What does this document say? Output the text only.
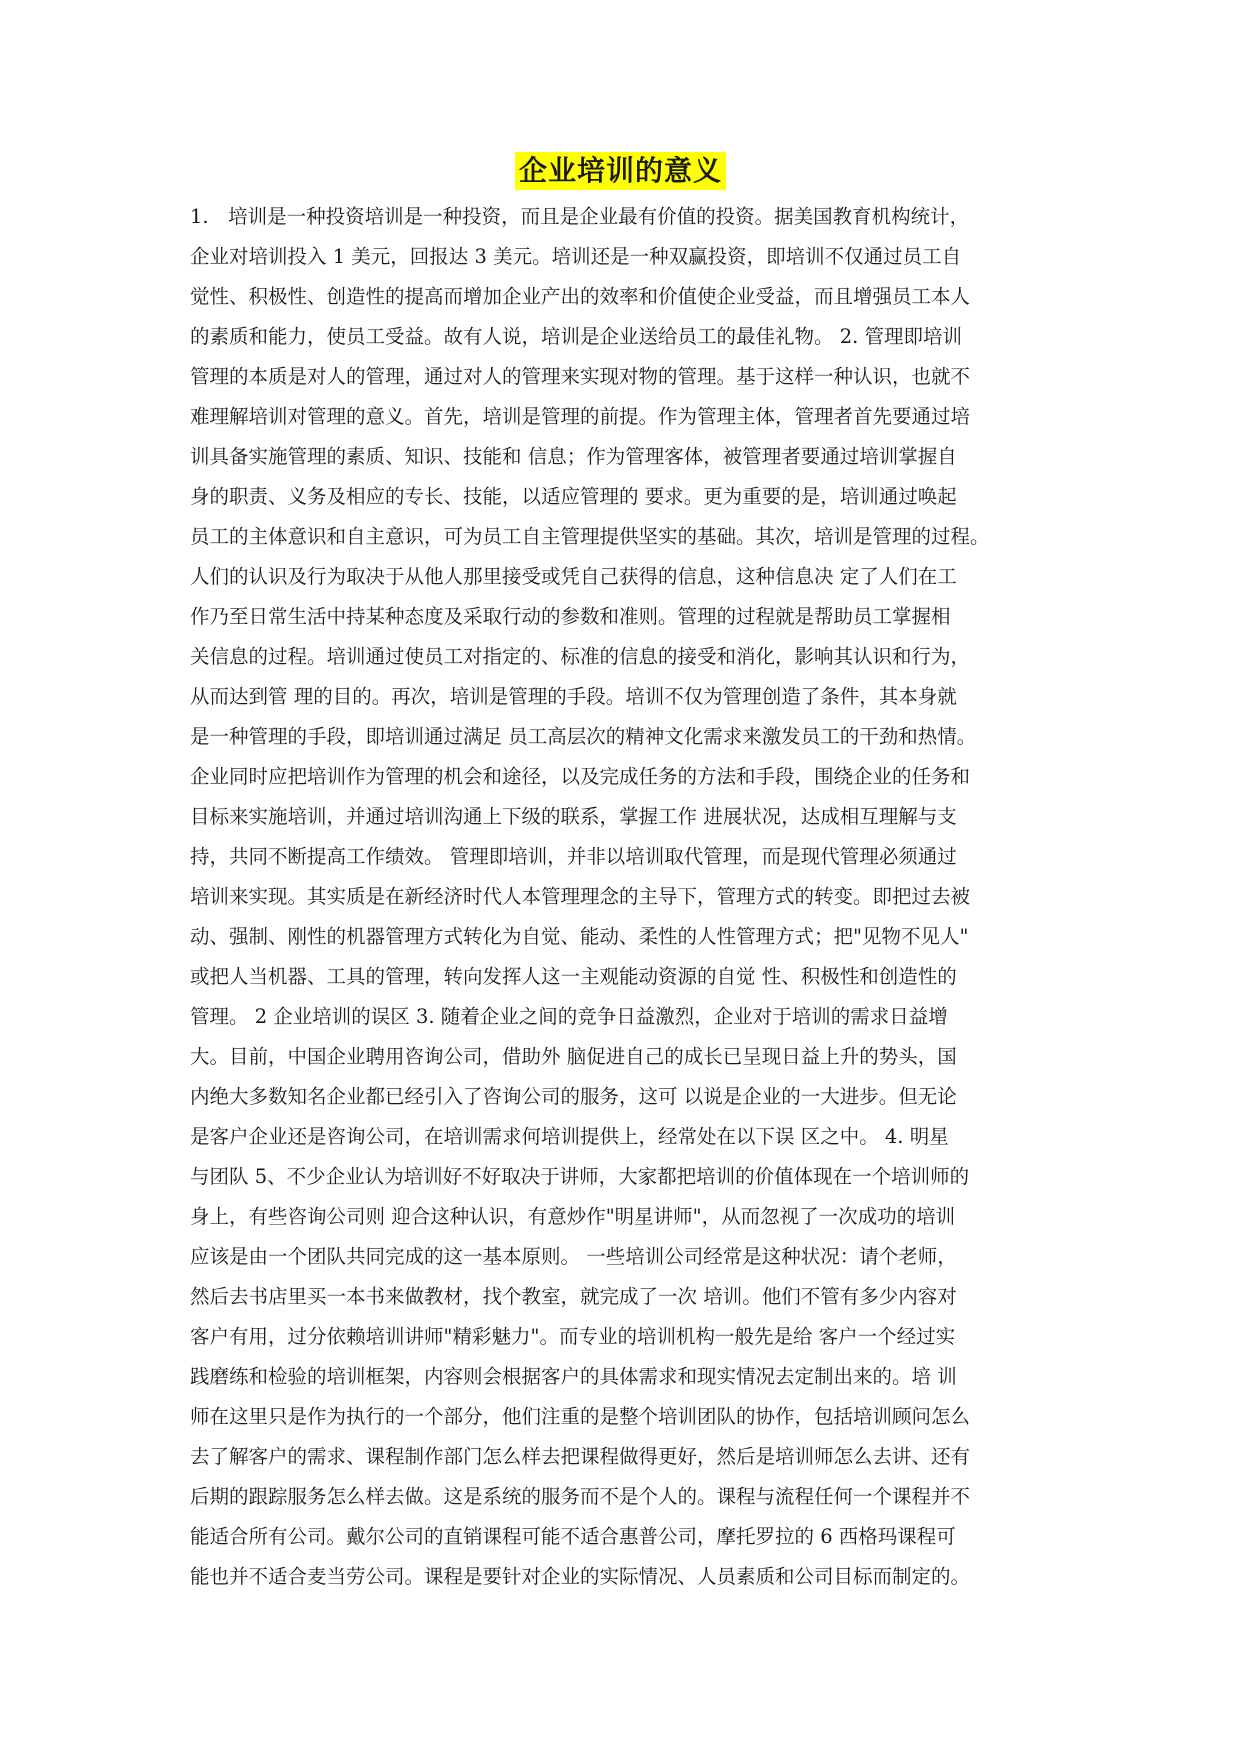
企业培训的意义
1.　培训是一种投资培训是一种投资，而且是企业最有价值的投资。据美国教育机构统计，
企业对培训投入 1 美元，回报达 3 美元。培训还是一种双赢投资，即培训不仅通过员工自
觉性、积极性、创造性的提高而增加企业产出的效率和价值使企业受益，而且增强员工本人
的素质和能力，使员工受益。故有人说，培训是企业送给员工的最佳礼物。 2. 管理即培训
管理的本质是对人的管理，通过对人的管理来实现对物的管理。基于这样一种认识，也就不
难理解培训对管理的意义。首先，培训是管理的前提。作为管理主体，管理者首先要通过培
训具备实施管理的素质、知识、技能和 信息；作为管理客体，被管理者要通过培训掌握自
身的职责、义务及相应的专长、技能，以适应管理的 要求。更为重要的是，培训通过唤起
员工的主体意识和自主意识，可为员工自主管理提供坚实的基础。其次，培训是管理的过程。
人们的认识及行为取决于从他人那里接受或凭自己获得的信息，这种信息决 定了人们在工
作乃至日常生活中持某种态度及采取行动的参数和准则。管理的过程就是帮助员工掌握相
关信息的过程。培训通过使员工对指定的、标准的信息的接受和消化，影响其认识和行为，
从而达到管 理的目的。再次，培训是管理的手段。培训不仅为管理创造了条件，其本身就
是一种管理的手段，即培训通过满足 员工高层次的精神文化需求来激发员工的干劲和热情。
企业同时应把培训作为管理的机会和途径，以及完成任务的方法和手段，围绕企业的任务和
目标来实施培训，并通过培训沟通上下级的联系，掌握工作 进展状况，达成相互理解与支
持，共同不断提高工作绩效。 管理即培训，并非以培训取代管理，而是现代管理必须通过
培训来实现。其实质是在新经济时代人本管理理念的主导下，管理方式的转变。即把过去被
动、强制、刚性的机器管理方式转化为自觉、能动、柔性的人性管理方式；把"见物不见人"
或把人当机器、工具的管理，转向发挥人这一主观能动资源的自觉 性、积极性和创造性的
管理。 2 企业培训的误区 3. 随着企业之间的竞争日益激烈，企业对于培训的需求日益增
大。目前，中国企业聘用咨询公司，借助外 脑促进自己的成长已呈现日益上升的势头，国
内绝大多数知名企业都已经引入了咨询公司的服务，这可 以说是企业的一大进步。但无论
是客户企业还是咨询公司，在培训需求何培训提供上，经常处在以下误 区之中。 4. 明星
与团队 5、不少企业认为培训好不好取决于讲师，大家都把培训的价值体现在一个培训师的
身上，有些咨询公司则 迎合这种认识，有意炒作"明星讲师"，从而忽视了一次成功的培训
应该是由一个团队共同完成的这一基本原则。 一些培训公司经常是这种状况：请个老师，
然后去书店里买一本书来做教材，找个教室，就完成了一次 培训。他们不管有多少内容对
客户有用，过分依赖培训讲师"精彩魅力"。而专业的培训机构一般先是给 客户一个经过实
践磨练和检验的培训框架，内容则会根据客户的具体需求和现实情况去定制出来的。培 训
师在这里只是作为执行的一个部分，他们注重的是整个培训团队的协作，包括培训顾问怎么
去了解客户的需求、课程制作部门怎么样去把课程做得更好，然后是培训师怎么去讲、还有
后期的跟踪服务怎么样去做。这是系统的服务而不是个人的。课程与流程任何一个课程并不
能适合所有公司。戴尔公司的直销课程可能不适合惠普公司，摩托罗拉的 6 西格玛课程可
能也并不适合麦当劳公司。课程是要针对企业的实际情况、人员素质和公司目标而制定的。
